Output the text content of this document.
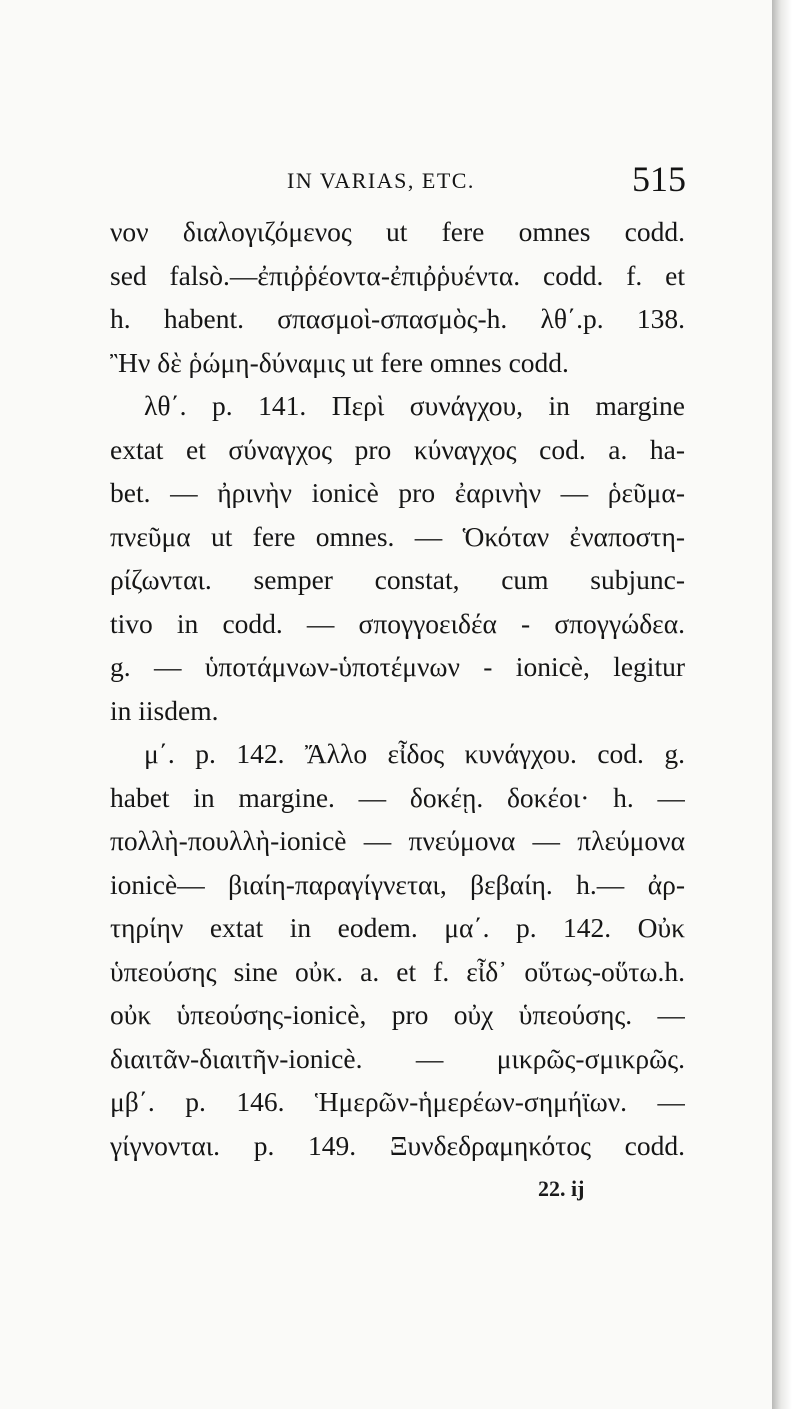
IN VARIAS, ETC.	515
νον διαλογιζόμενος ut fere omnes codd.
sed falsò.—ἐπιῤῥέοντα-ἐπιῤῥυέντα. codd. f. et
h. habent. σπασμοὶ-σπασμὸς-h. λθ΄.p. 138.
Ἢν δὲ ῥώμη-δύναμις ut fere omnes codd.
λθ΄. p. 141. Περὶ συνάγχου, in margine
extat et σύναγχος pro κύναγχος cod. a. ha-
bet. — ἠρινὴν ionicè pro ἐαρινὴν — ῥεῦμα-
πνεῦμα ut fere omnes. — Ὁκόταν ἐναποστη-
ρίζωνται. semper constat, cum subjunc-
tivo in codd. — σπογγοειδέα - σπογγώδεα.
g. — ὑποτάμνων-ὑποτέμνων - ionicè, legitur
in iisdem.
μ΄. p. 142. Ἄλλο εἶδος κυνάγχου. cod. g.
habet in margine. — δοκέῃ. δοκέοι· h. —
πολλὴ-πουλλὴ-ionicè — πνεύμονα — πλεύμονα
ionicè— βιαίη-παραγίγνεται, βεβαίη. h.— ἀρ-
τηρίην extat in eodem. μα΄. p. 142. Οὐκ
ὑπεούσης sine οὐκ. a. et f. εἶδ᾽ οὕτως-οὕτω.h.
οὐκ ὑπεούσης-ionicè, pro οὐχ ὑπεούσης. —
διαιτᾶν-διαιτῆν-ionicè. — μικρῶς-σμικρῶς.
μβ΄. p. 146. Ἡμερῶν-ἡμερέων-σημήϊων. —
γίγνονται. p. 149. Ξυνδεδραμηκότος codd.
22. ij
